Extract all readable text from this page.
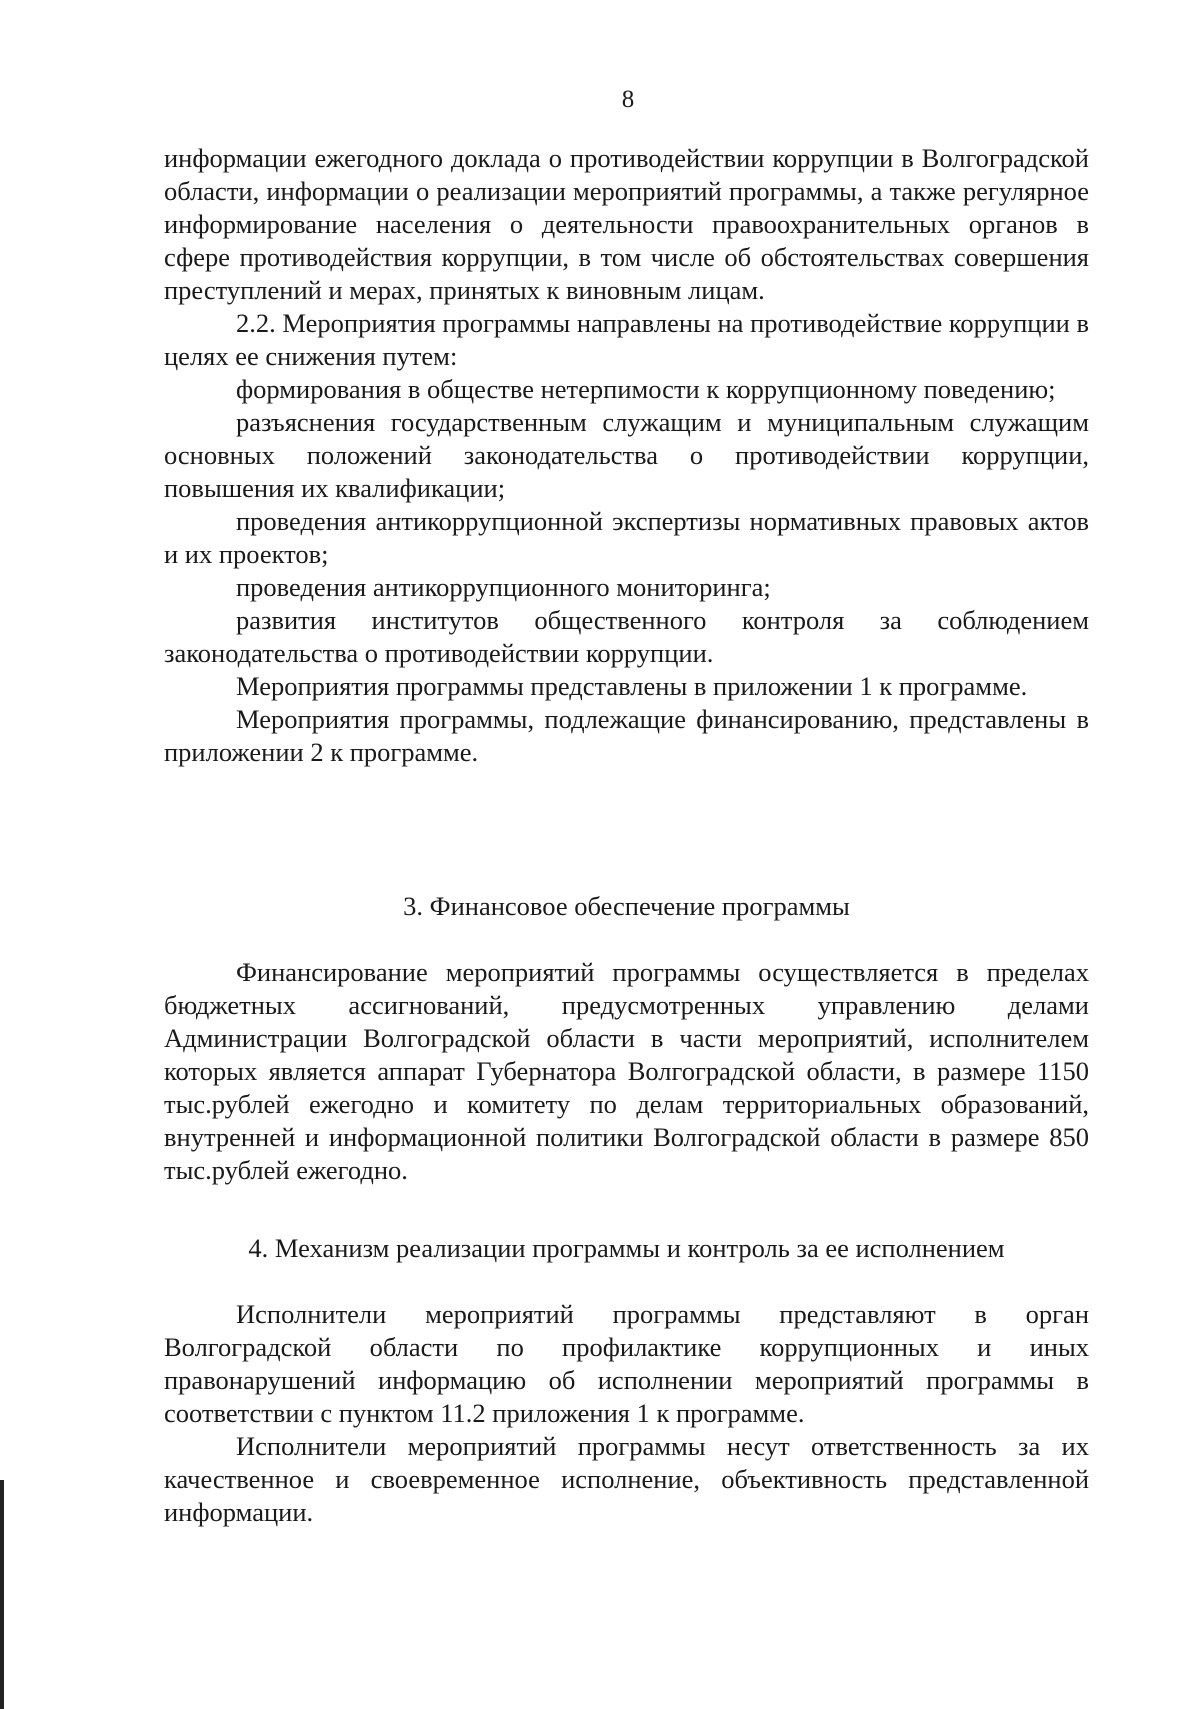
8

информации ежегодного доклада о противодействии коррупции в Волгоградской области, информации о реализации мероприятий программы, а также регулярное информирование населения о деятельности правоохранительных органов в сфере противодействия коррупции, в том числе об обстоятельствах совершения преступлений и мерах, принятых к виновным лицам.

2.2. Мероприятия программы направлены на противодействие коррупции в целях ее снижения путем:

формирования в обществе нетерпимости к коррупционному поведению;

разъяснения государственным служащим и муниципальным служащим основных положений законодательства о противодействии коррупции, повышения их квалификации;

проведения антикоррупционной экспертизы нормативных правовых актов и их проектов;

проведения антикоррупционного мониторинга;

развития институтов общественного контроля за соблюдением законодательства о противодействии коррупции.

Мероприятия программы представлены в приложении 1 к программе.

Мероприятия программы, подлежащие финансированию, представлены в приложении 2 к программе.

3. Финансовое обеспечение программы

Финансирование мероприятий программы осуществляется в пределах бюджетных ассигнований, предусмотренных управлению делами Администрации Волгоградской области в части мероприятий, исполнителем которых является аппарат Губернатора Волгоградской области, в размере 1150 тыс.рублей ежегодно и комитету по делам территориальных образований, внутренней и информационной политики Волгоградской области в размере 850 тыс.рублей ежегодно.

4. Механизм реализации программы и контроль за ее исполнением

Исполнители мероприятий программы представляют в орган Волгоградской области по профилактике коррупционных и иных правонарушений информацию об исполнении мероприятий программы в соответствии с пунктом 11.2 приложения 1 к программе.

Исполнители мероприятий программы несут ответственность за их качественное и своевременное исполнение, объективность представленной информации.
